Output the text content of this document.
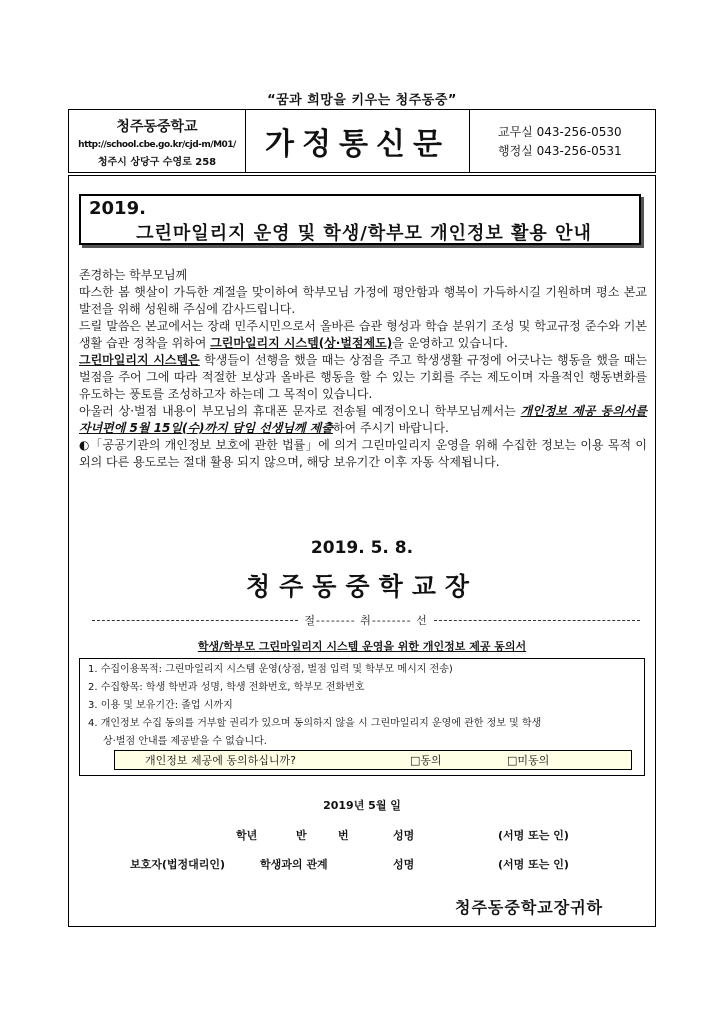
“꿈과 희망을 키우는 청주동중”
청주동중학교
http://school.cbe.go.kr/cjd-m/M01/
청주시 상당구 수영로 258
가정통신문	교무실 043-256-0530
행정실 043-256-0531
2019.
그린마일리지 운영 및 학생/학부모 개인정보 활용 안내

존경하는 학부모님께

따스한 봄 햇살이 가득한 계절을 맞이하여 학부모님 가정에 평안함과 행복이 가득하시길 기원하며 평소 본교 발전을 위해 성원해 주심에 감사드립니다.

드릴 말씀은 본교에서는 장래 민주시민으로서 올바른 습관 형성과 학습 분위기 조성 및 학교규정 준수와 기본생활 습관 정착을 위하여 그린마일리지 시스템(상·벌점제도)을 운영하고 있습니다.

그린마일리지 시스템은 학생들이 선행을 했을 때는 상점을 주고 학생생활 규정에 어긋나는 행동을 했을 때는 벌점을 주어 그에 따라 적절한 보상과 올바른 행동을 할 수 있는 기회를 주는 제도이며 자율적인 행동변화를 유도하는 풍토를 조성하고자 하는데 그 목적이 있습니다.

아울러 상·벌점 내용이 부모님의 휴대폰 문자로 전송될 예정이오니 학부모님께서는 개인정보 제공 동의서를 자녀편에 5월 15일(수)까지 담임 선생님께 제출하여 주시기 바랍니다.

◐「공공기관의 개인정보 보호에 관한 법률」에 의거 그린마일리지 운영을 위해 수집한 정보는 이용 목적 이외의 다른 용도로는 절대 활용 되지 않으며, 해당 보유기간 이후 자동 삭제됩니다.

2019. 5. 8.
청주동중학교장
절-------- 취-------- 선
학생/학부모 그린마일리지 시스템 운영을 위한 개인정보 제공 동의서

1. 수집이용목적: 그린마일리지 시스템 운영(상점, 벌점 입력 및 학부모 메시지 전송)

2. 수집항목: 학생 학번과 성명, 학생 전화번호, 학부모 전화번호

3. 이용 및 보유기간: 졸업 시까지

4. 개인정보 수집 동의를 거부할 권리가 있으며 동의하지 않을 시 그린마일리지 운영에 관한 정보 및 학생

상·벌점 안내를 제공받을 수 없습니다.

개인정보 제공에 동의하십니까?	□동의	□미동의
2019년 5월 일
학년	반	번	성명	(서명 또는 인)
보호자(법정대리인)	학생과의 관계	성명	(서명 또는 인)
청주동중학교장귀하
